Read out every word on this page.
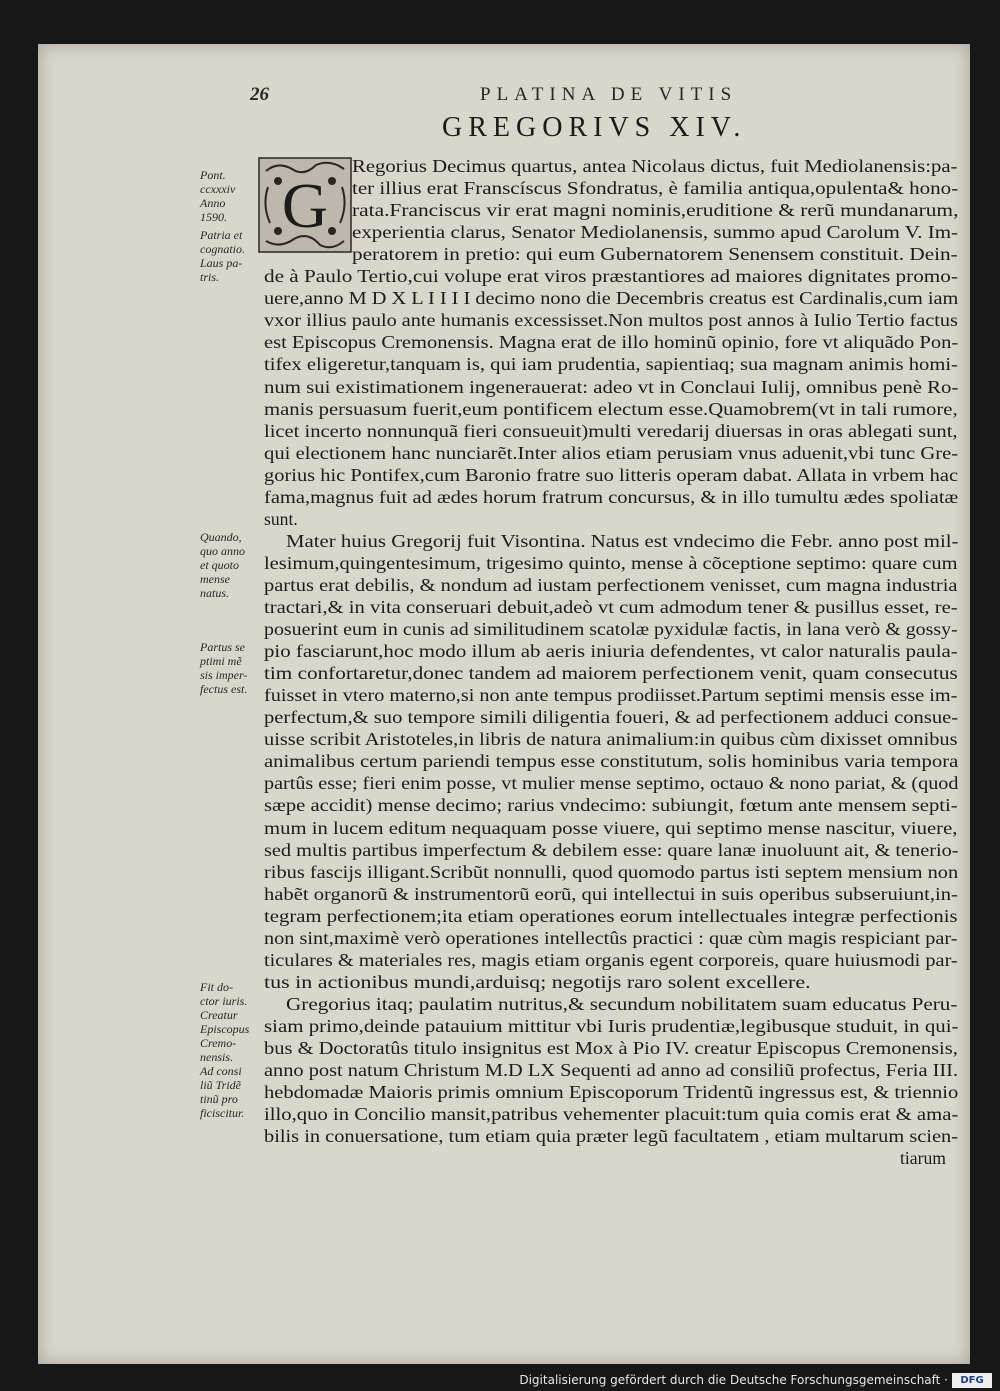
26	PLATINA DE VITIS
GREGORIVS XIV.
G
Regorius Decimus quartus, antea Nicolaus dictus, fuit Mediolanensis:pa-
ter illius erat Franscíscus Sfondratus, è familia antiqua,opulenta& hono-
rata.Franciscus vir erat magni nominis,eruditione & rerũ mundanarum,
experientia clarus, Senator Mediolanensis, summo apud Carolum V. Im-
peratorem in pretio: qui eum Gubernatorem Senensem constituit. Dein-
de à Paulo Tertio,cui volupe erat viros præstantiores ad maiores dignitates promo-
uere,anno M D X L I I I I decimo nono die Decembris creatus est Cardinalis,cum iam
vxor illius paulo ante humanis excessisset.Non multos post annos à Iulio Tertio factus
est Episcopus Cremonensis. Magna erat de illo hominũ opinio, fore vt aliquãdo Pon-
tifex eligeretur,tanquam is, qui iam prudentia, sapientiaq; sua magnam animis homi-
num sui existimationem ingenerauerat: adeo vt in Conclaui Iulij, omnibus penè Ro-
manis persuasum fuerit,eum pontificem electum esse.Quamobrem(vt in tali rumore,
licet incerto nonnunquã fieri consueuit)multi veredarij diuersas in oras ablegati sunt,
qui electionem hanc nunciarẽt.Inter alios etiam perusiam vnus aduenit,vbi tunc Gre-
gorius hic Pontifex,cum Baronio fratre suo litteris operam dabat. Allata in vrbem hac
fama,magnus fuit ad ædes horum fratrum concursus, & in illo tumultu ædes spoliatæ
sunt.
Mater huius Gregorij fuit Visontina. Natus est vndecimo die Febr. anno post mil-
lesimum,quingentesimum, trigesimo quinto, mense à cõceptione septimo: quare cum
partus erat debilis, & nondum ad iustam perfectionem venisset, cum magna industria
tractari,& in vita conseruari debuit,adeò vt cum admodum tener & pusillus esset, re-
posuerint eum in cunis ad similitudinem scatolæ pyxidulæ factis, in lana verò & gossy-
pio fasciarunt,hoc modo illum ab aeris iniuria defendentes, vt calor naturalis paula-
tim confortaretur,donec tandem ad maiorem perfectionem venit, quam consecutus
fuisset in vtero materno,si non ante tempus prodiisset.Partum septimi mensis esse im-
perfectum,& suo tempore simili diligentia foueri, & ad perfectionem adduci consue-
uisse scribit Aristoteles,in libris de natura animalium:in quibus cùm dixisset omnibus
animalibus certum pariendi tempus esse constitutum, solis hominibus varia tempora
partûs esse; fieri enim posse, vt mulier mense septimo, octauo & nono pariat, & (quod
sæpe accidit) mense decimo; rarius vndecimo: subiungit, fœtum ante mensem septi-
mum in lucem editum nequaquam posse viuere, qui septimo mense nascitur, viuere,
sed multis partibus imperfectum & debilem esse: quare lanæ inuoluunt ait, & tenerio-
ribus fascijs illigant.Scribũt nonnulli, quod quomodo partus isti septem mensium non
habẽt organorũ & instrumentorũ eorũ, qui intellectui in suis operibus subseruiunt,in-
tegram perfectionem;ita etiam operationes eorum intellectuales integræ perfectionis
non sint,maximè verò operationes intellectûs practici : quæ cùm magis respiciant par-
ticulares & materiales res, magis etiam organis egent corporeis, quare huiusmodi par-
tus in actionibus mundi,arduisq; negotijs raro solent excellere.
Gregorius itaq; paulatim nutritus,& secundum nobilitatem suam educatus Peru-
siam primo,deinde patauium mittitur vbi Iuris prudentiæ,legibusque studuit, in qui-
bus & Doctoratûs titulo insignitus est Mox à Pio IV. creatur Episcopus Cremonensis,
anno post natum Christum M.D LX Sequenti ad anno ad consiliũ profectus, Feria III.
hebdomadæ Maioris primis omnium Episcoporum Tridentũ ingressus est, & triennio
illo,quo in Concilio mansit,patribus vehementer placuit:tum quia comis erat & ama-
bilis in conuersatione, tum etiam quia præter legũ facultatem , etiam multarum scien-
tiarum
Pont.
ccxxxiv
Anno
1590.
Patria et
cognatio.
Laus pa-
tris.
Quando,
quo anno
et quoto
mense
natus.
Partus se
ptimi mẽ
sis imper-
fectus est.
Fit do-
ctor iuris.
Creatur
Episcopus
Cremo-
nensis.
Ad consi
liũ Tridẽ
tinũ pro
ficiscitur.
Digitalisierung gefördert durch die Deutsche Forschungsgemeinschaft ·	DFG
